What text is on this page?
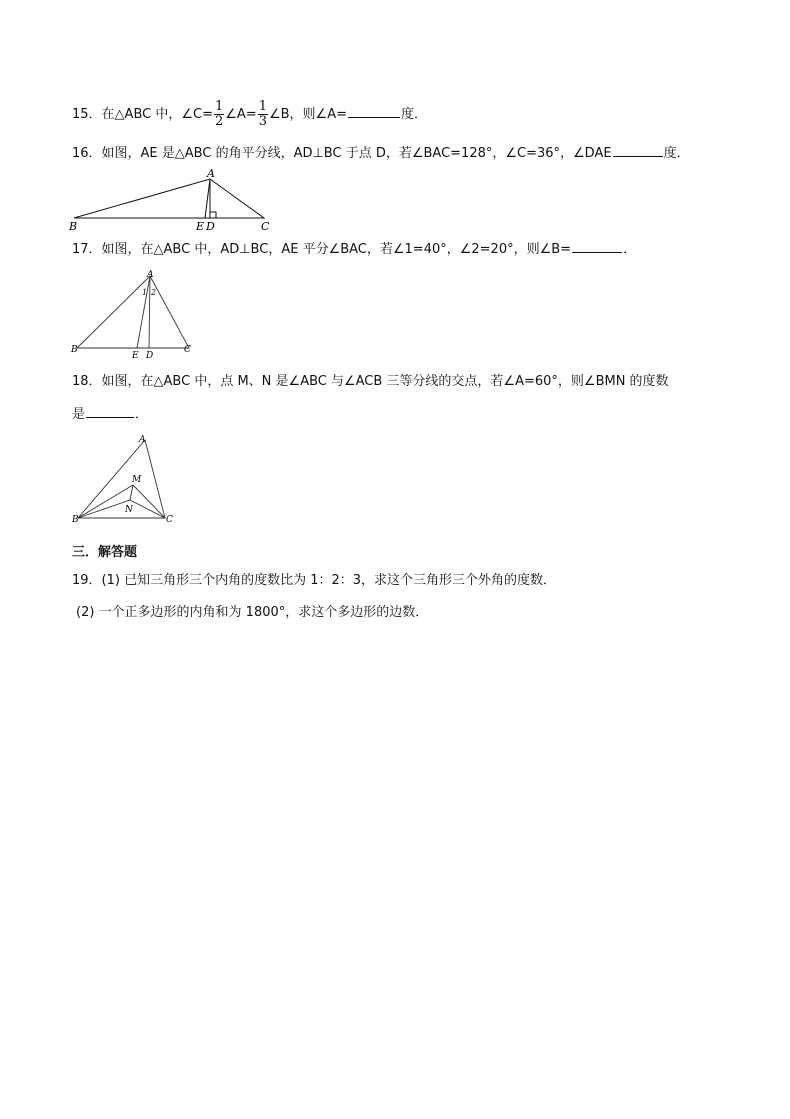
15．在△ABC 中，∠C= $\frac{1}{2}$ ∠A= $\frac{1}{3}$ ∠B，则∠A=	度．
16．如图，AE 是△ABC 的角平分线，AD⊥BC 于点 D，若∠BAC=128°，∠C=36°，∠DAE	度．
A
B	E D	C
17．如图，在△ABC 中，AD⊥BC，AE 平分∠BAC，若∠1=40°，∠2=20°，则∠B=	．
A
1 2
B
E D
C
18．如图，在△ABC 中，点 M、N 是∠ABC 与∠ACB 三等分线的交点，若∠A=60°，则∠BMN 的度数
是	．
A
M
N
B	C
三．解答题
19．(1) 已知三角形三个内角的度数比为 1：2：3，求这个三角形三个外角的度数．
(2) 一个正多边形的内角和为 1800°，求这个多边形的边数．
